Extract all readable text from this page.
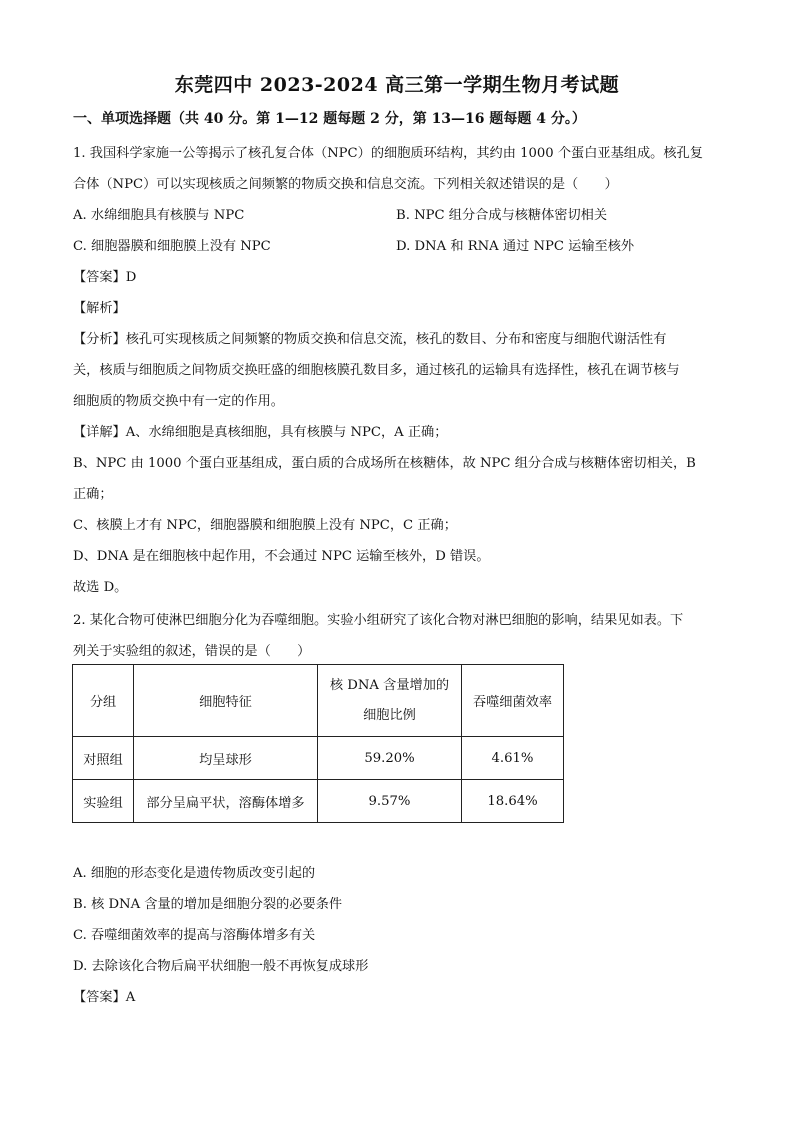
东莞四中 2023-2024 高三第一学期生物月考试题
一、单项选择题（共 40 分。第 1—12 题每题 2 分，第 13—16 题每题 4 分。）
1. 我国科学家施一公等揭示了核孔复合体（NPC）的细胞质环结构，其约由 1000 个蛋白亚基组成。核孔复
合体（NPC）可以实现核质之间频繁的物质交换和信息交流。下列相关叙述错误的是（　　）
A. 水绵细胞具有核膜与 NPC	B. NPC 组分合成与核糖体密切相关
C. 细胞器膜和细胞膜上没有 NPC	D. DNA 和 RNA 通过 NPC 运输至核外
【答案】D
【解析】
【分析】核孔可实现核质之间频繁的物质交换和信息交流，核孔的数目、分布和密度与细胞代谢活性有
关，核质与细胞质之间物质交换旺盛的细胞核膜孔数目多，通过核孔的运输具有选择性，核孔在调节核与
细胞质的物质交换中有一定的作用。
【详解】A、水绵细胞是真核细胞，具有核膜与 NPC，A 正确；
B、NPC 由 1000 个蛋白亚基组成，蛋白质的合成场所在核糖体，故 NPC 组分合成与核糖体密切相关，B
正确；
C、核膜上才有 NPC，细胞器膜和细胞膜上没有 NPC，C 正确；
D、DNA 是在细胞核中起作用，不会通过 NPC 运输至核外，D 错误。
故选 D。
2. 某化合物可使淋巴细胞分化为吞噬细胞。实验小组研究了该化合物对淋巴细胞的影响，结果见如表。下
列关于实验组的叙述，错误的是（　　）
分组	细胞特征	核 DNA 含量增加的
细胞比例	吞噬细菌效率
对照组	均呈球形	59.20%	4.61%
实验组	部分呈扁平状，溶酶体增多	9.57%	18.64%
A. 细胞的形态变化是遗传物质改变引起的
B. 核 DNA 含量的增加是细胞分裂的必要条件
C. 吞噬细菌效率的提高与溶酶体增多有关
D. 去除该化合物后扁平状细胞一般不再恢复成球形
【答案】A
